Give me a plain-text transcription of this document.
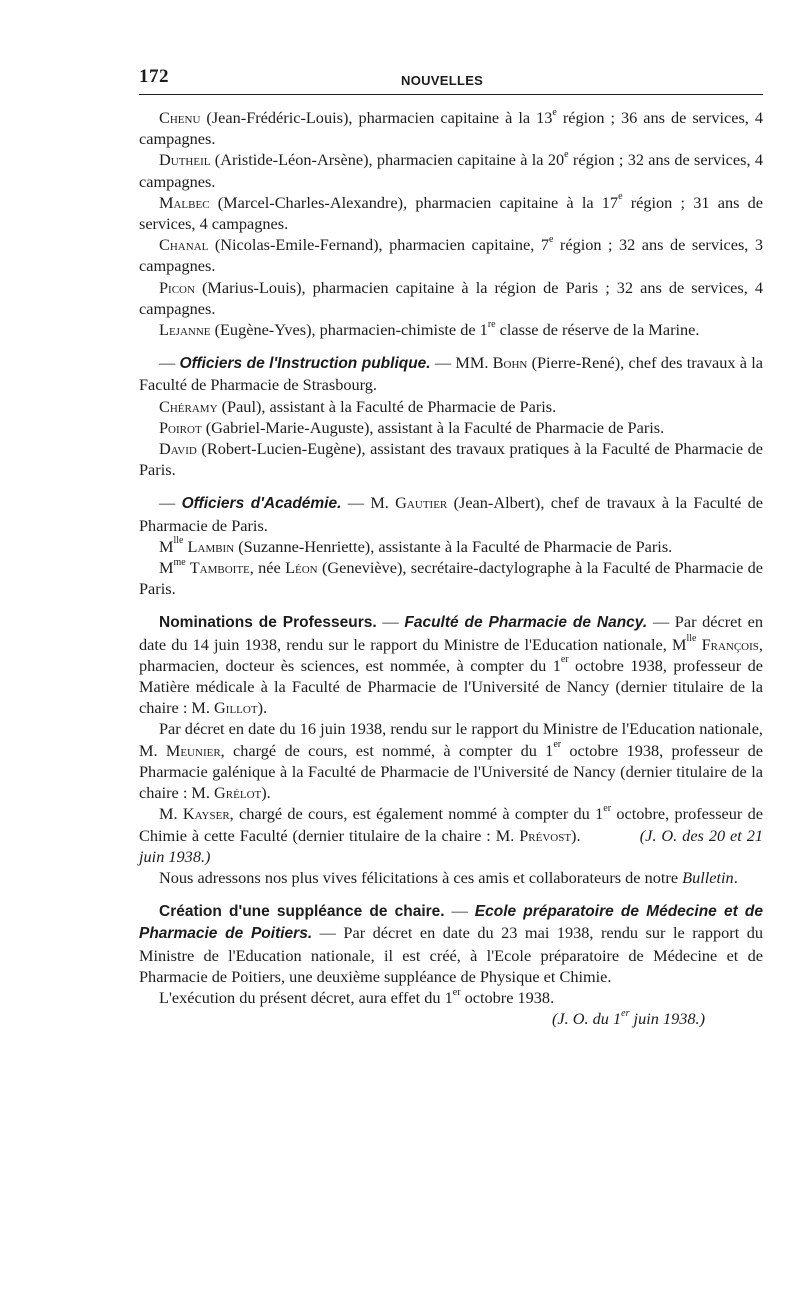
172	NOUVELLES

Chenu (Jean-Frédéric-Louis), pharmacien capitaine à la 13e région ; 36 ans de services, 4 campagnes.

Dutheil (Aristide-Léon-Arsène), pharmacien capitaine à la 20e région ; 32 ans de services, 4 campagnes.

Malbec (Marcel-Charles-Alexandre), pharmacien capitaine à la 17e région ; 31 ans de services, 4 campagnes.

Chanal (Nicolas-Emile-Fernand), pharmacien capitaine, 7e région ; 32 ans de services, 3 campagnes.

Picon (Marius-Louis), pharmacien capitaine à la région de Paris ; 32 ans de services, 4 campagnes.

Lejanne (Eugène-Yves), pharmacien-chimiste de 1re classe de réserve de la Marine.

— Officiers de l'Instruction publique. — MM. Bohn (Pierre-René), chef des travaux à la Faculté de Pharmacie de Strasbourg.

Chéramy (Paul), assistant à la Faculté de Pharmacie de Paris.

Poirot (Gabriel-Marie-Auguste), assistant à la Faculté de Pharmacie de Paris.

David (Robert-Lucien-Eugène), assistant des travaux pratiques à la Faculté de Pharmacie de Paris.

— Officiers d'Académie. — M. Gautier (Jean-Albert), chef de travaux à la Faculté de Pharmacie de Paris.

$M^{lle}$ Lambin (Suzanne-Henriette), assistante à la Faculté de Pharmacie de Paris.

$M^{me}$ Tamboite, née Léon (Geneviève), secrétaire-dactylographe à la Faculté de Pharmacie de Paris.

Nominations de Professeurs. — Faculté de Pharmacie de Nancy. — Par décret en date du 14 juin 1938, rendu sur le rapport du Ministre de l'Education nationale, $M^{lle}$ François, pharmacien, docteur ès sciences, est nommée, à compter du 1er octobre 1938, professeur de Matière médicale à la Faculté de Pharmacie de l'Université de Nancy (dernier titulaire de la chaire : M. Gillot).

Par décret en date du 16 juin 1938, rendu sur le rapport du Ministre de l'Education nationale, M. Meunier, chargé de cours, est nommé, à compter du 1er octobre 1938, professeur de Pharmacie galénique à la Faculté de Pharmacie de l'Université de Nancy (dernier titulaire de la chaire : M. Grélot).

M. Kayser, chargé de cours, est également nommé à compter du 1er octobre, professeur de Chimie à cette Faculté (dernier titulaire de la chaire : M. Prévost).	(J. O. des 20 et 21 juin 1938.)

Nous adressons nos plus vives félicitations à ces amis et collaborateurs de notre Bulletin.

Création d'une suppléance de chaire. — Ecole préparatoire de Médecine et de Pharmacie de Poitiers. — Par décret en date du 23 mai 1938, rendu sur le rapport du Ministre de l'Education nationale, il est créé, à l'Ecole préparatoire de Médecine et de Pharmacie de Poitiers, une deuxième suppléance de Physique et Chimie.

L'exécution du présent décret, aura effet du 1er octobre 1938.

(J. O. du 1er juin 1938.)
